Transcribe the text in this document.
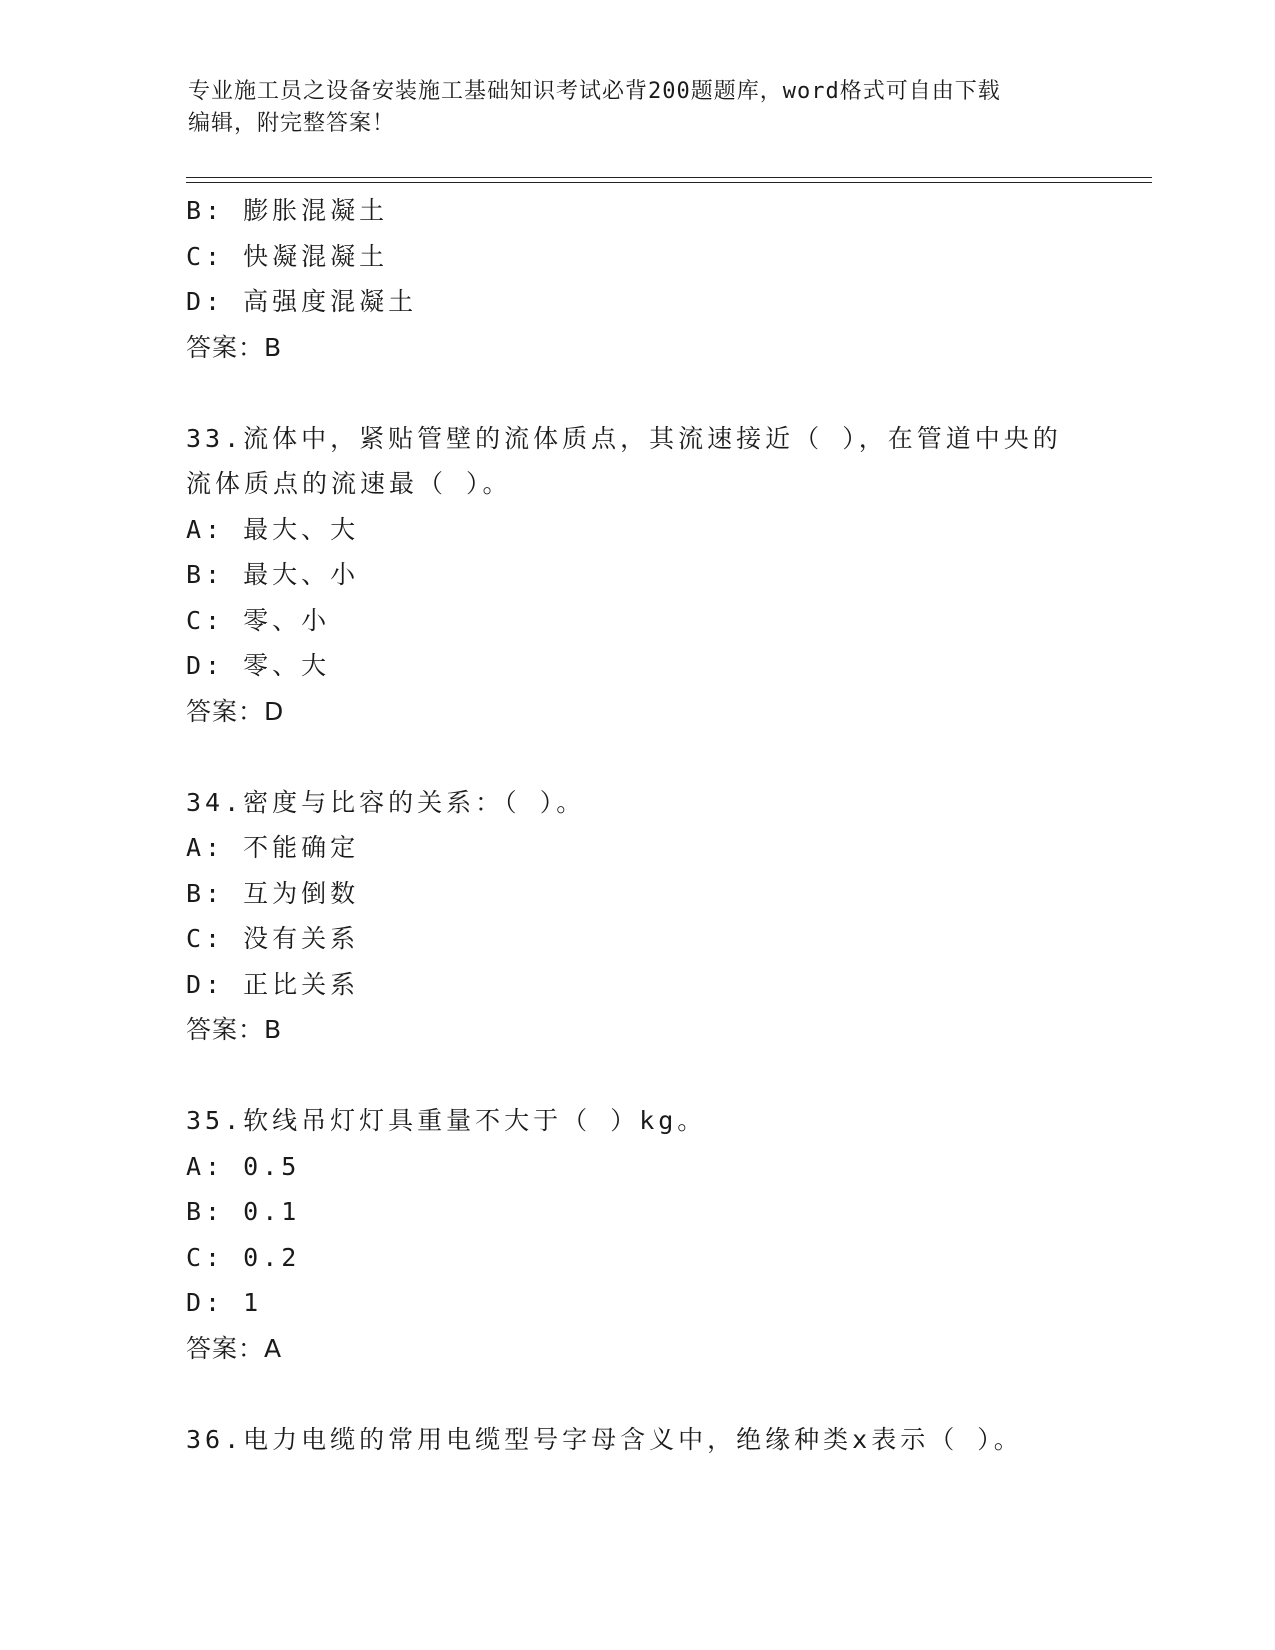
专业施工员之设备安装施工基础知识考试必背200题题库，word格式可自由下载
编辑，附完整答案！
B: 膨胀混凝土
C: 快凝混凝土
D: 高强度混凝土
答案：B
33.流体中，紧贴管壁的流体质点，其流速接近（ ），在管道中央的
流体质点的流速最（ ）。
A: 最大、大
B: 最大、小
C: 零、小
D: 零、大
答案：D
34.密度与比容的关系：（ ）。
A: 不能确定
B: 互为倒数
C: 没有关系
D: 正比关系
答案：B
35.软线吊灯灯具重量不大于（ ）kg。
A: 0.5
B: 0.1
C: 0.2
D: 1
答案：A
36.电力电缆的常用电缆型号字母含义中，绝缘种类x表示（ ）。
